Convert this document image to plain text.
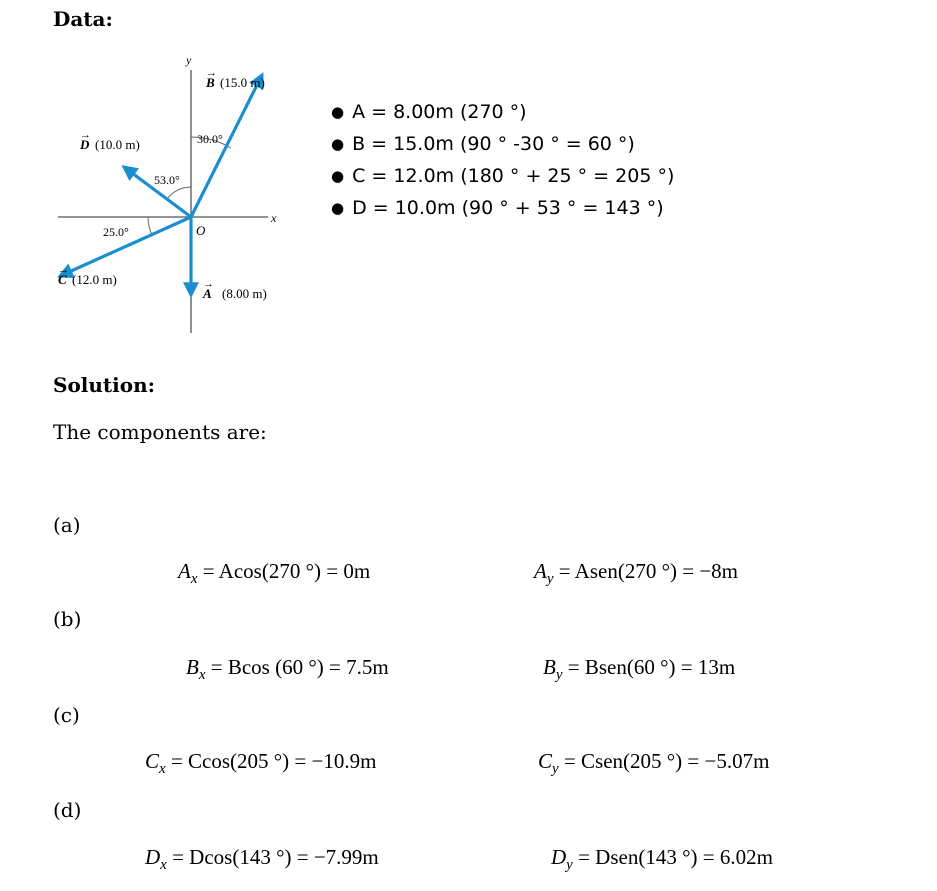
Data:
y
x
O
30.0°
53.0°
25.0°
B
→
(15.0 m)
D
→
(10.0 m)
C
→
(12.0 m)
A
→
(8.00 m)
● A = 8.00m (270 °)
● B = 15.0m (90 ° -30 ° = 60 °)
● C = 12.0m (180 ° + 25 ° = 205 °)
● D = 10.0m (90 ° + 53 ° = 143 °)
Solution:
The components are:
(a)
$A_x = Acos(270$ °) = 0m	$A_y$ = Asen(270 °) = −8m
(b)
$B_x = Bcos$ (60 °) = 7.5m	$B_y$ = Bsen(60 °) = 13m
(c)
$C_x = Ccos(205$ °) = −10.9m	$C_y$ = Csen(205 °) = −5.07m
(d)
$D_x = Dcos(143$ °) = −7.99m	$D_y$ = Dsen(143 °) = 6.02m
